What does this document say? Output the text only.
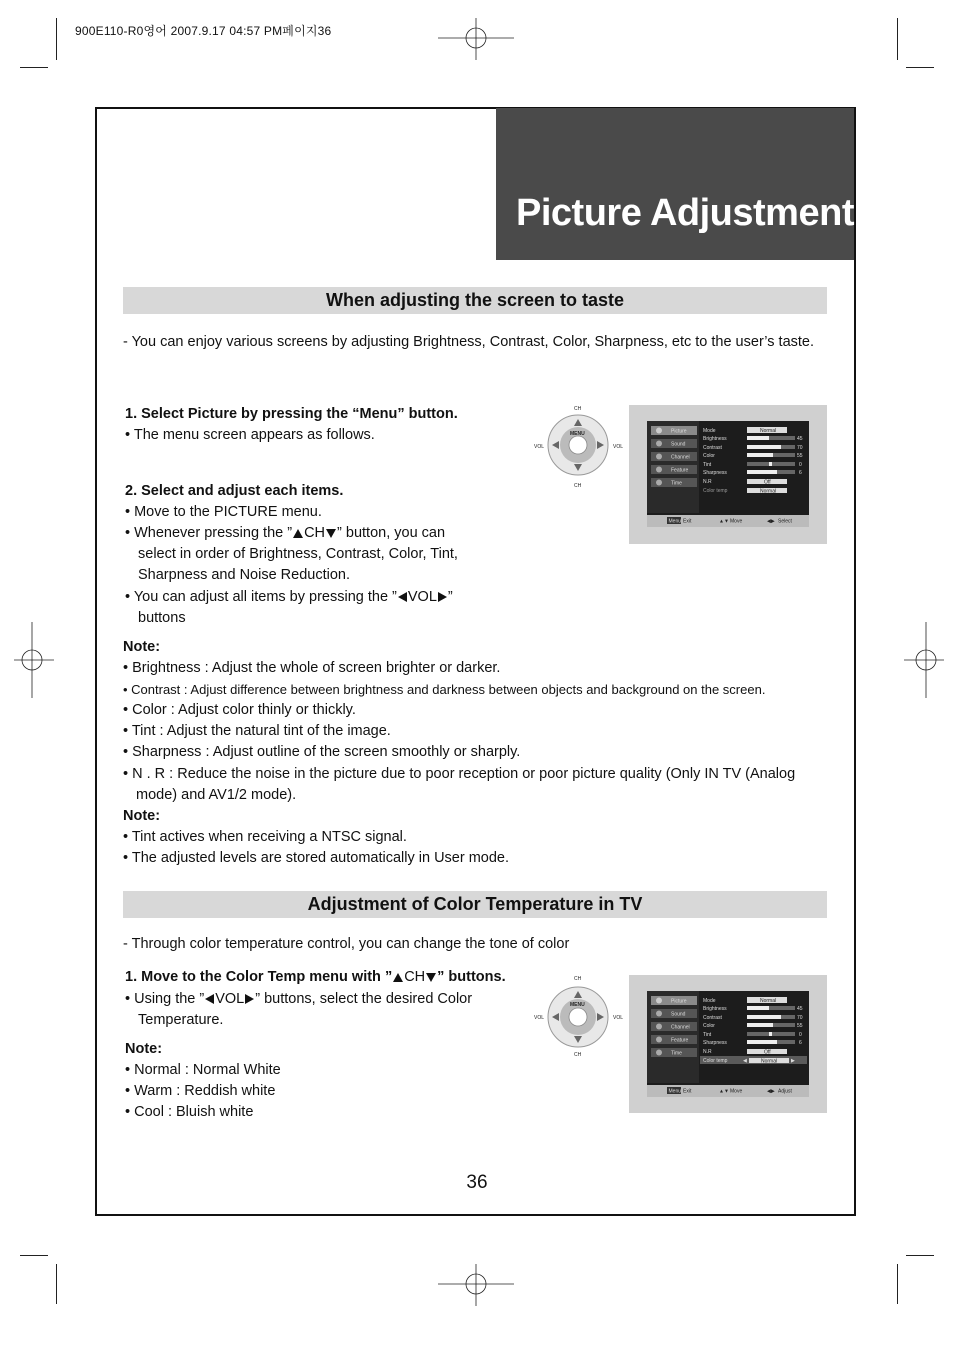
900E110-R0영어 2007.9.17 04:57 PM페이지36
Picture Adjustment
When adjusting the screen to taste
- You can enjoy various screens by adjusting Brightness, Contrast, Color, Sharpness, etc to the user’s taste.
1. Select Picture by pressing the “Menu” button.
• The menu screen appears as follows.
2. Select and adjust each items.
• Move to the PICTURE menu.
• Whenever pressing the ” CH ” button, you can
select in order of Brightness, Contrast, Color, Tint,
Sharpness and Noise Reduction.
• You can adjust all items by pressing the ” VOL ”
buttons
Note:
• Brightness : Adjust the whole of screen brighter or darker.
• Contrast : Adjust difference between brightness and darkness between objects and background on the screen.
• Color : Adjust color thinly or thickly.
• Tint : Adjust the natural tint of the image.
• Sharpness : Adjust outline of the screen smoothly or sharply.
• N . R : Reduce the noise in the picture due to poor reception or poor picture quality (Only IN TV (Analog
mode) and AV1/2 mode).
Note:
• Tint actives when receiving a NTSC signal.
• The adjusted levels are stored automatically in User mode.
CH
CH
VOL	VOL
MENU	Picture
Sound
Channel
Feature
Time
Mode	Normal
Brightness	45
Contrast	70
Color	55
Tint	0
Sharpness	6
N.R	Off
Color temp	Normal
Menu Exit	▲▼ Move	◀▶ Select
Adjustment of Color Temperature in TV
- Through color temperature control, you can change the tone of color
1. Move to the Color Temp menu with ” CH ” buttons.
• Using the ” VOL ” buttons, select the desired Color
Temperature.
Note:
• Normal : Normal White
• Warm : Reddish white
• Cool : Bluish white
CH
CH
VOL	VOL
MENU
Picture
Sound
Channel
Feature
Time
Mode	Normal
Brightness	45
Contrast	70
Color	55
Tint	0
Sharpness	6
N.R	Off
Color temp	◀	Normal	▶
Menu Exit	▲▼ Move	◀▶ Adjust
36
